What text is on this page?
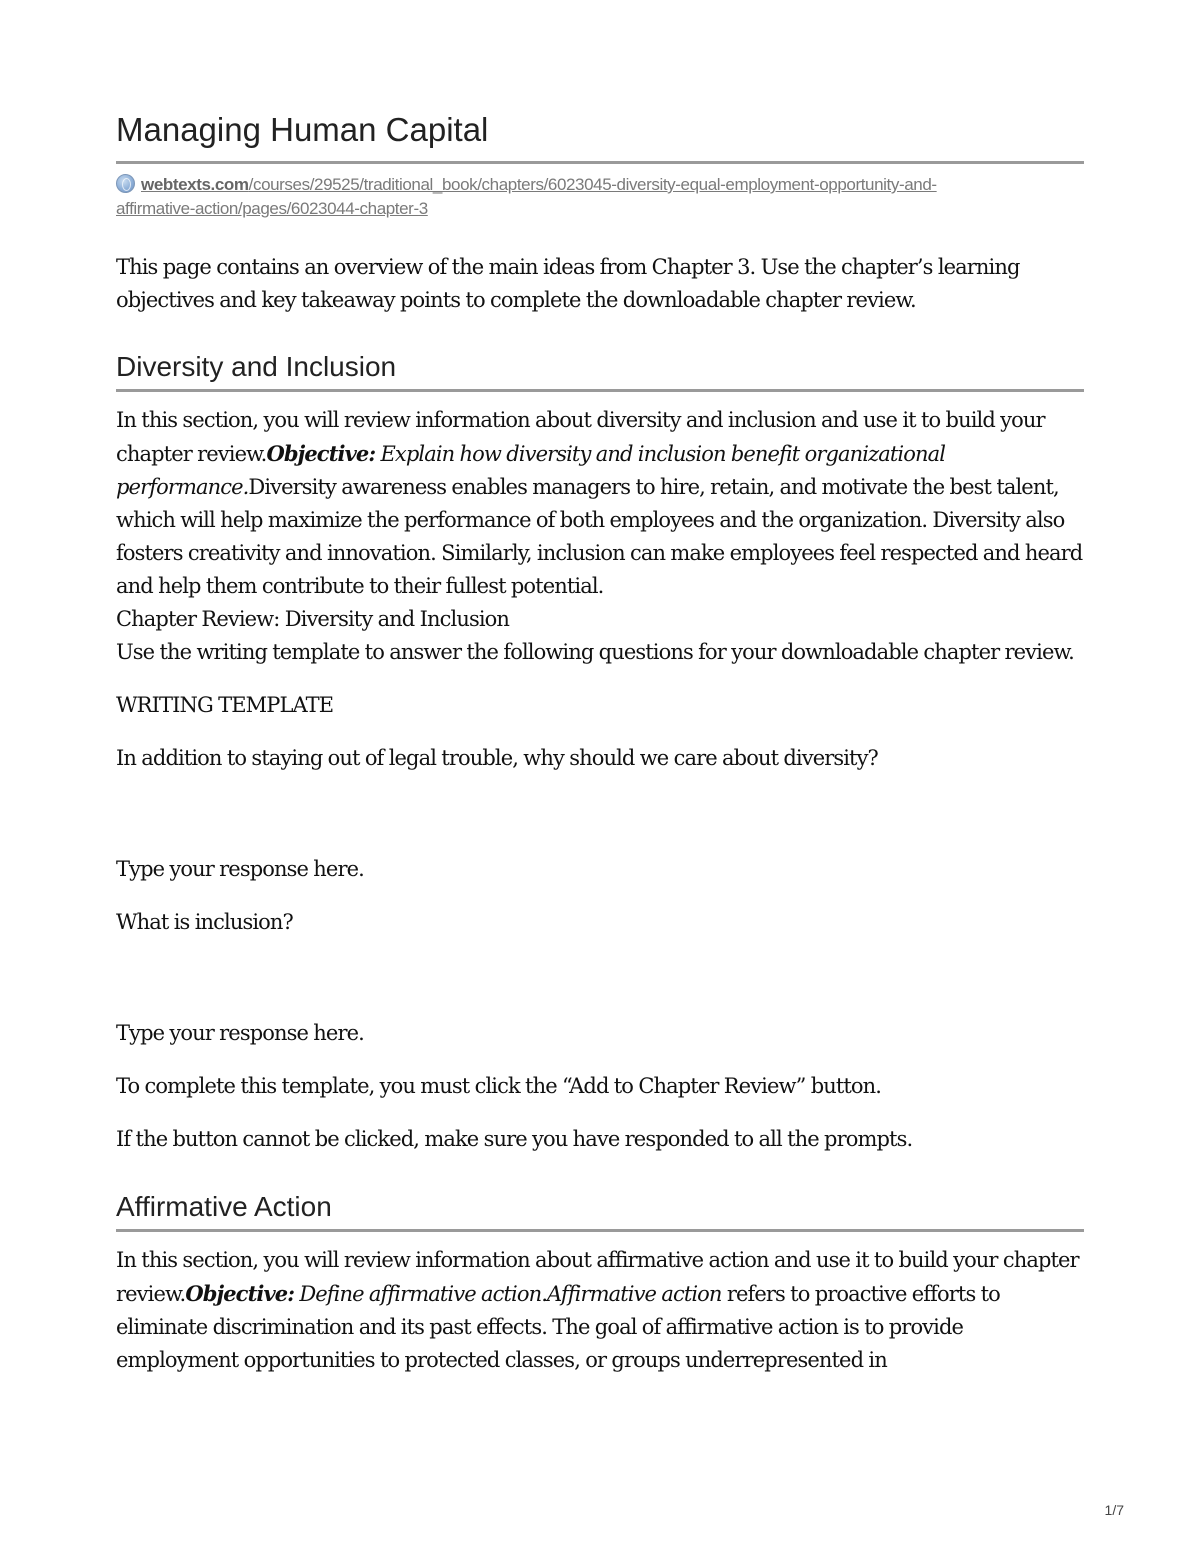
Managing Human Capital
webtexts.com/courses/29525/traditional_book/chapters/6023045-diversity-equal-employment-opportunity-and-
affirmative-action/pages/6023044-chapter-3

This page contains an overview of the main ideas from Chapter 3. Use the chapter’s learning objectives and key takeaway points to complete the downloadable chapter review.

Diversity and Inclusion

In this section, you will review information about diversity and inclusion and use it to build your chapter review.Objective: Explain how diversity and inclusion benefit organizational performance.Diversity awareness enables managers to hire, retain, and motivate the best talent, which will help maximize the performance of both employees and the organization. Diversity also fosters creativity and innovation. Similarly, inclusion can make employees feel respected and heard and help them contribute to their fullest potential.

Chapter Review: Diversity and Inclusion

Use the writing template to answer the following questions for your downloadable chapter review.

WRITING TEMPLATE

In addition to staying out of legal trouble, why should we care about diversity?

Type your response here.

What is inclusion?

Type your response here.

To complete this template, you must click the “Add to Chapter Review” button.

If the button cannot be clicked, make sure you have responded to all the prompts.

Affirmative Action

In this section, you will review information about affirmative action and use it to build your chapter review.Objective: Define affirmative action.Affirmative action refers to proactive efforts to eliminate discrimination and its past effects. The goal of affirmative action is to provide employment opportunities to protected classes, or groups underrepresented in

1/7
